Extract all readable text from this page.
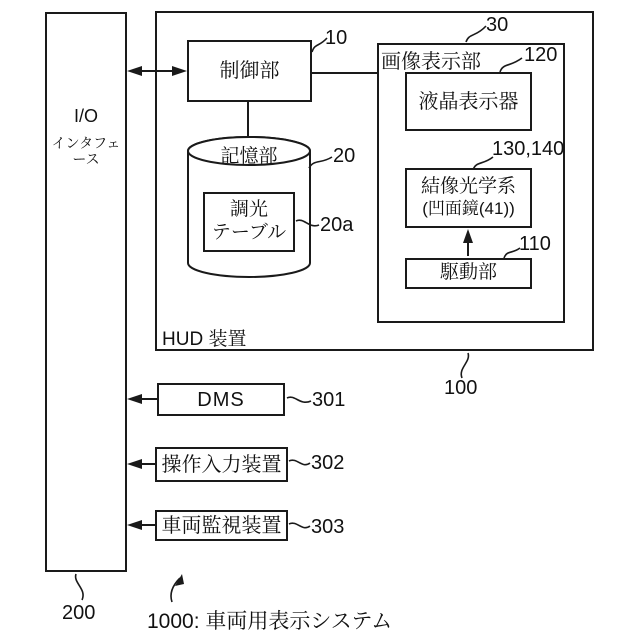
I/O
インタフェース
HUD 装置
制御部
記憶部
調光
テーブル
画像表示部
液晶表示器
結像光学系
(凹面鏡(41))
駆動部
DMS
操作入力装置
車両監視装置
10
30
120
130,140
110
20
20a
100
301
302
303
200 1000: 車両用表示システム
